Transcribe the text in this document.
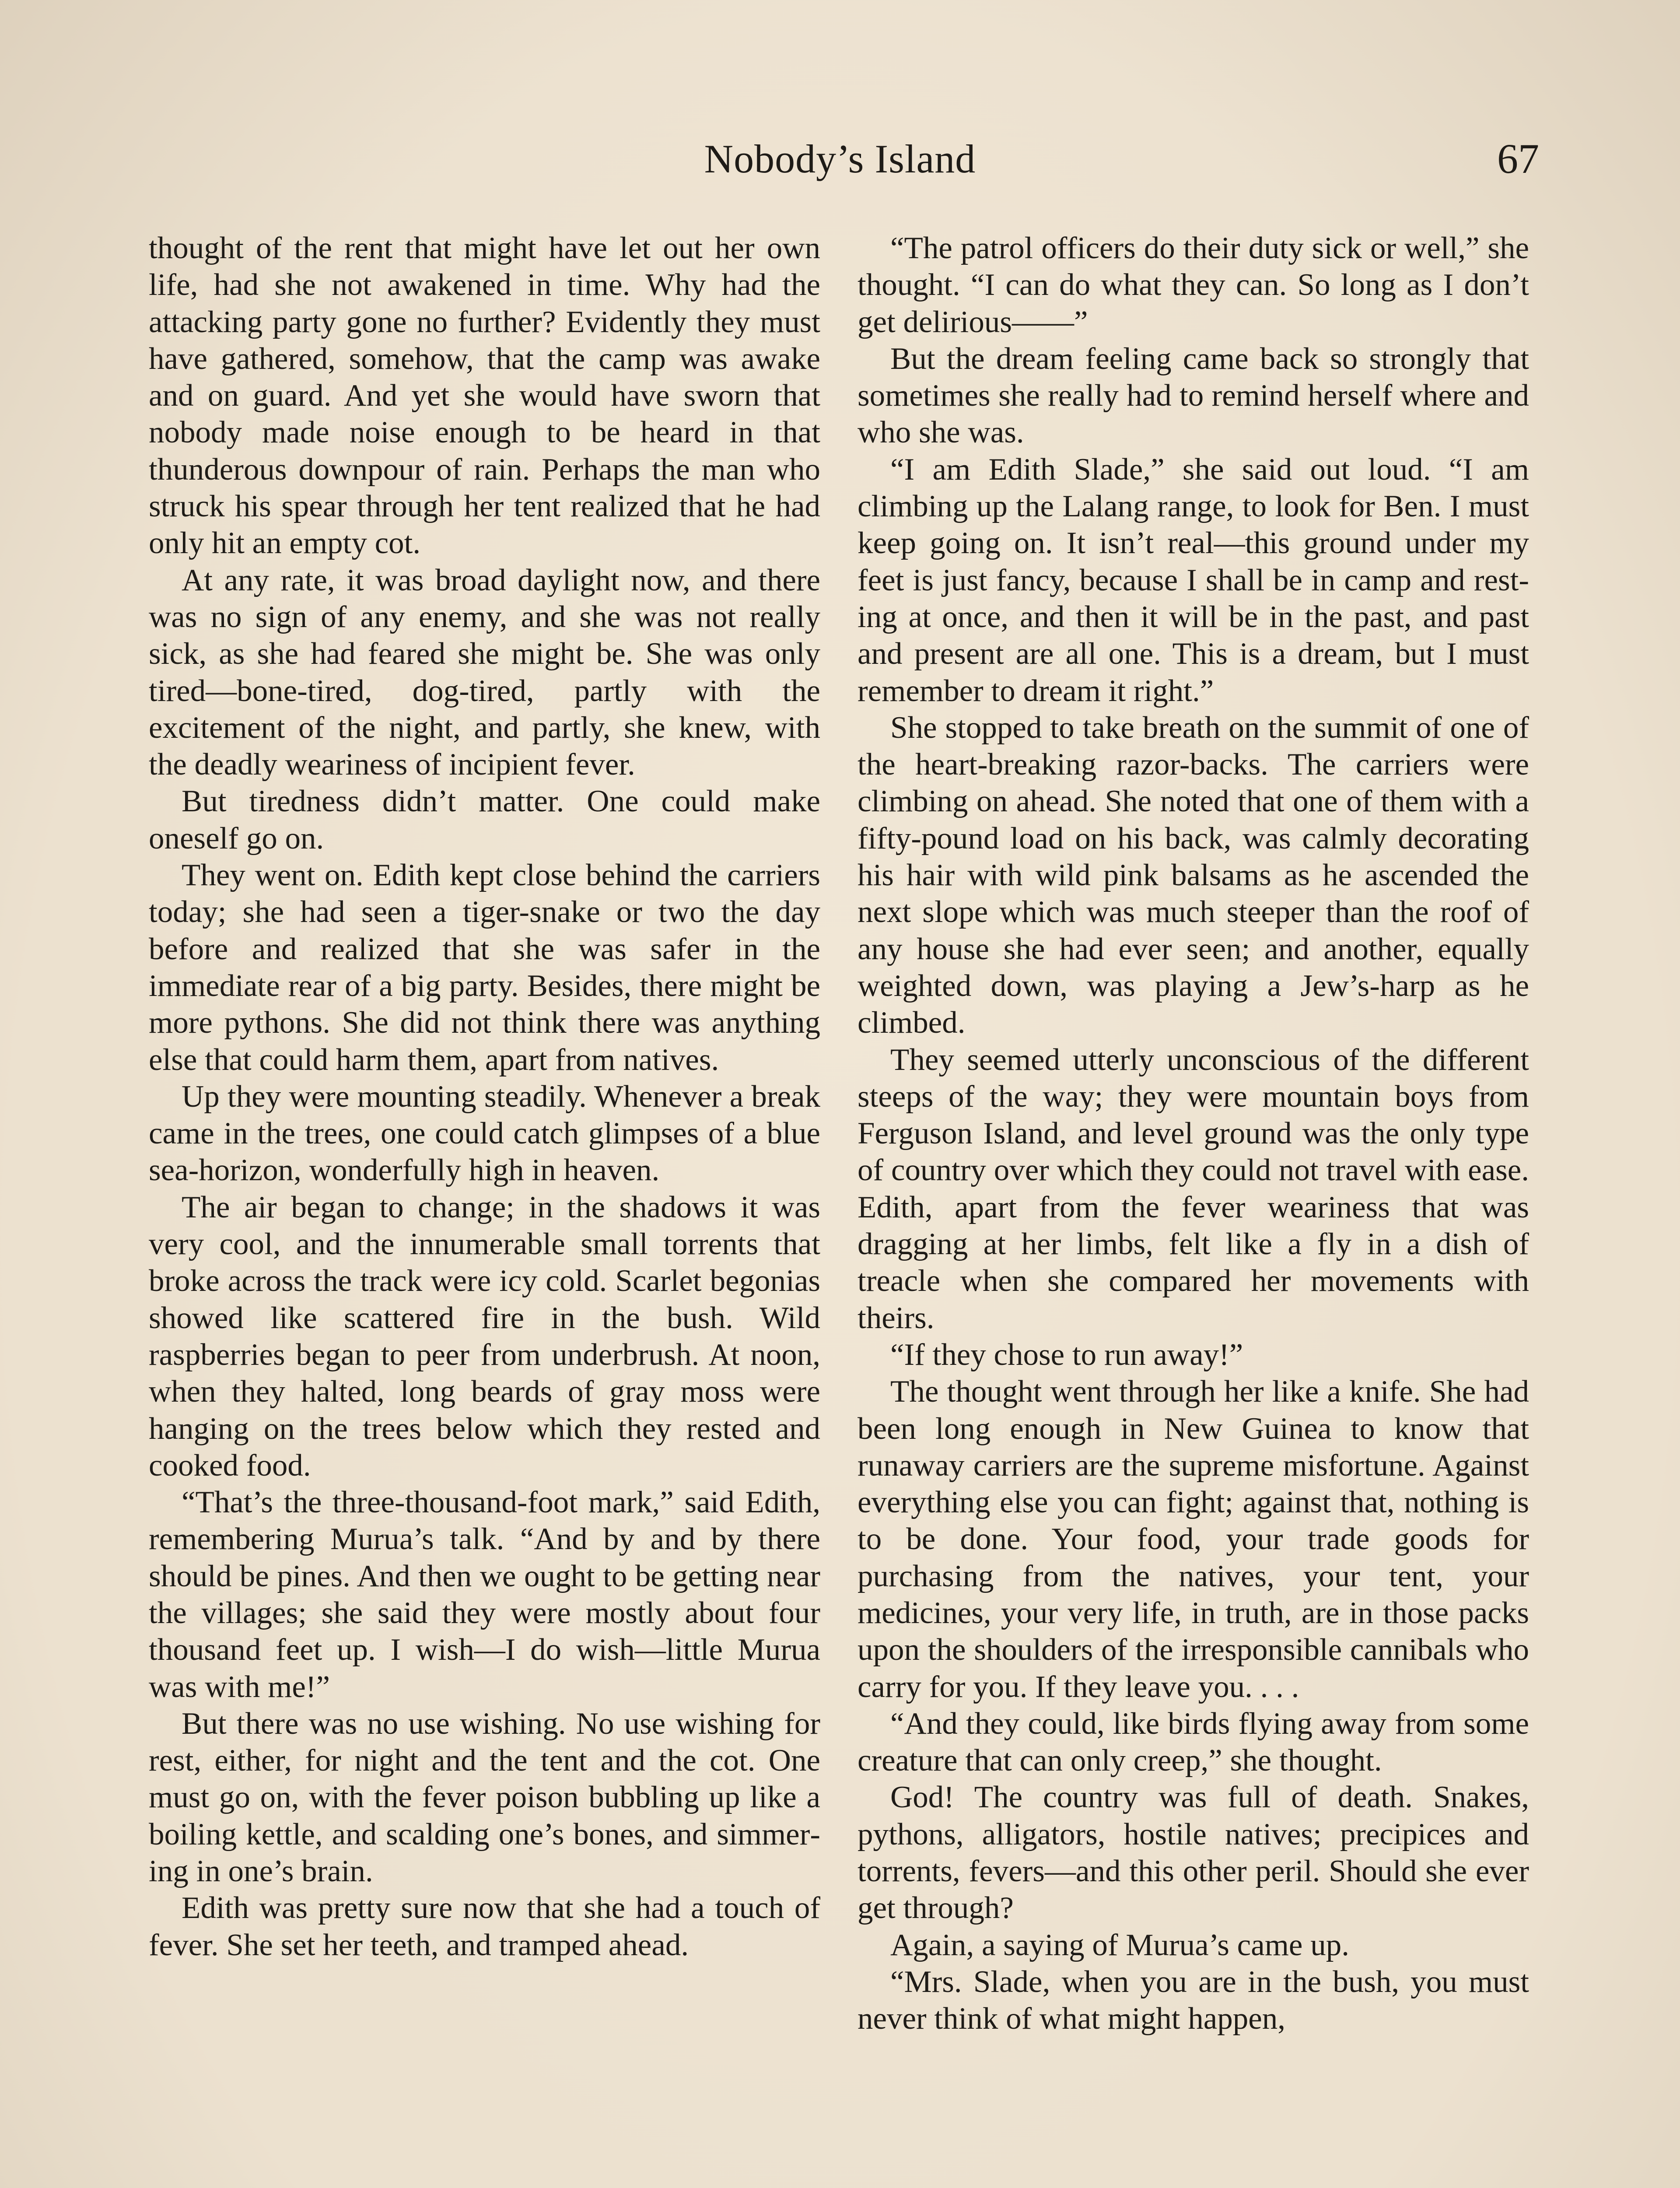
Nobody’s Island	67

thought of the rent that might have let out her own life, had she not awakened in time. Why had the attacking party gone no further? Evidently they must have gathered, somehow, that the camp was awake and on guard. And yet she would have sworn that nobody made noise enough to be heard in that thunderous downpour of rain. Perhaps the man who struck his spear through her tent realized that he had only hit an empty cot.

At any rate, it was broad daylight now, and there was no sign of any enemy, and she was not really sick, as she had feared she might be. She was only tired—bone-tired, dog-tired, partly with the excitement of the night, and partly, she knew, with the deadly weariness of incipient fever.

But tiredness didn’t matter. One could make oneself go on.

They went on. Edith kept close behind the carriers today; she had seen a tiger-snake or two the day before and realized that she was safer in the immediate rear of a big party. Besides, there might be more pythons. She did not think there was anything else that could harm them, apart from natives.

Up they were mounting steadily. Whenever a break came in the trees, one could catch glimpses of a blue sea-horizon, wonderfully high in heaven.

The air began to change; in the shadows it was very cool, and the innumerable small torrents that broke across the track were icy cold. Scarlet begonias showed like scattered fire in the bush. Wild raspberries began to peer from underbrush. At noon, when they halted, long beards of gray moss were hanging on the trees below which they rested and cooked food.

“That’s the three-thousand-foot mark,” said Edith, remembering Murua’s talk. “And by and by there should be pines. And then we ought to be getting near the villages; she said they were mostly about four thousand feet up. I wish—I do wish—little Murua was with me!”

But there was no use wishing. No use wishing for rest, either, for night and the tent and the cot. One must go on, with the fever poison bubbling up like a boiling kettle, and scalding one’s bones, and simmering in one’s brain.

Edith was pretty sure now that she had a touch of fever. She set her teeth, and tramped ahead.

“The patrol officers do their duty sick or well,” she thought. “I can do what they can. So long as I don’t get delirious——”

But the dream feeling came back so strongly that sometimes she really had to remind herself where and who she was.

“I am Edith Slade,” she said out loud. “I am climbing up the Lalang range, to look for Ben. I must keep going on. It isn’t real—this ground under my feet is just fancy, because I shall be in camp and resting at once, and then it will be in the past, and past and present are all one. This is a dream, but I must remember to dream it right.”

She stopped to take breath on the summit of one of the heart-breaking razor-backs. The carriers were climbing on ahead. She noted that one of them with a fifty-pound load on his back, was calmly decorating his hair with wild pink balsams as he ascended the next slope which was much steeper than the roof of any house she had ever seen; and another, equally weighted down, was playing a Jew’s-harp as he climbed.

They seemed utterly unconscious of the different steeps of the way; they were mountain boys from Ferguson Island, and level ground was the only type of country over which they could not travel with ease. Edith, apart from the fever weariness that was dragging at her limbs, felt like a fly in a dish of treacle when she compared her movements with theirs.

“If they chose to run away!”

The thought went through her like a knife. She had been long enough in New Guinea to know that runaway carriers are the supreme misfortune. Against everything else you can fight; against that, nothing is to be done. Your food, your trade goods for purchasing from the natives, your tent, your medicines, your very life, in truth, are in those packs upon the shoulders of the irresponsible cannibals who carry for you. If they leave you. . . .

“And they could, like birds flying away from some creature that can only creep,” she thought.

God! The country was full of death. Snakes, pythons, alligators, hostile natives; precipices and torrents, fevers—and this other peril. Should she ever get through?

Again, a saying of Murua’s came up.

“Mrs. Slade, when you are in the bush, you must never think of what might happen,
